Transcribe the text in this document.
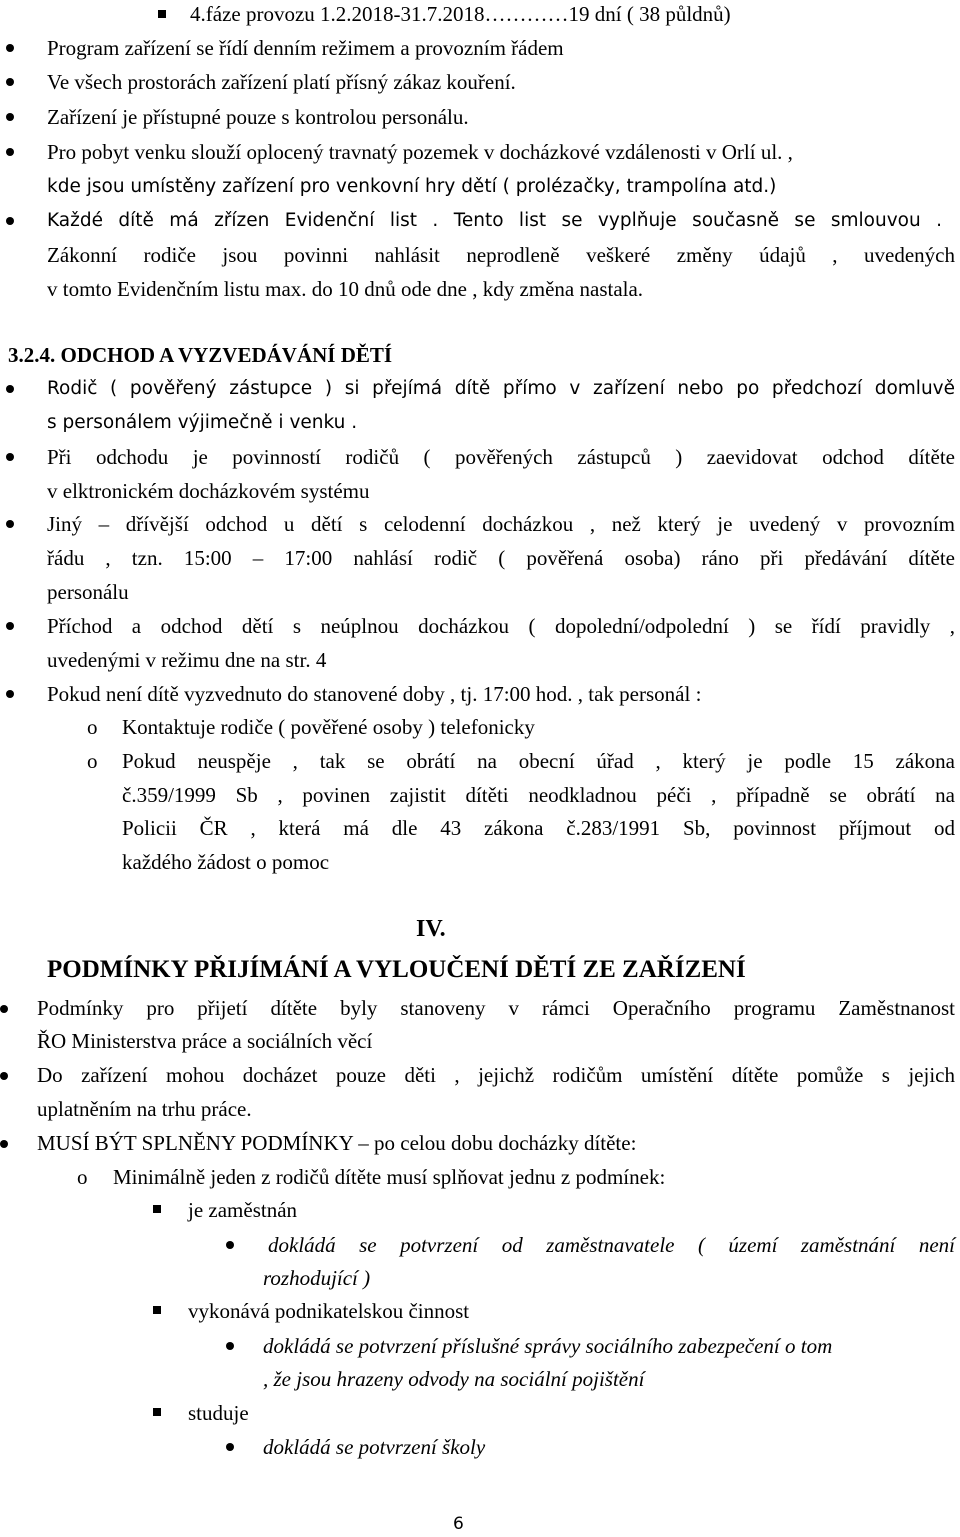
4.fáze provozu 1.2.2018-31.7.2018…………19 dní ( 38 půldnů)
Program zařízení se řídí denním režimem a provozním řádem
Ve všech prostorách zařízení platí přísný zákaz kouření.
Zařízení je přístupné pouze s kontrolou personálu.
Pro pobyt venku slouží oplocený travnatý pozemek v docházkové vzdálenosti v Orlí ul. ,
kde jsou umístěny zařízení pro venkovní hry dětí ( prolézačky, trampolína atd.)
Každé dítě má zřízen Evidenční list . Tento list se vyplňuje současně se smlouvou .
Zákonní rodiče jsou povinni nahlásit neprodleně veškeré změny údajů , uvedených
v tomto Evidenčním listu max. do 10 dnů ode dne , kdy změna nastala.
3.2.4. ODCHOD A VYZVEDÁVÁNÍ DĚTÍ
Rodič ( pověřený zástupce ) si přejímá dítě přímo v zařízení nebo po předchozí domluvě
s personálem výjimečně i venku .
Při odchodu je povinností rodičů ( pověřených zástupců ) zaevidovat odchod dítěte
v elktronickém docházkovém systému
Jiný – dřívější odchod u dětí s celodenní docházkou , než který je uvedený v provozním
řádu , tzn. 15:00 – 17:00 nahlásí rodič ( pověřená osoba) ráno při předávání dítěte
personálu
Příchod a odchod dětí s neúplnou docházkou ( dopolední/odpolední ) se řídí pravidly ,
uvedenými v režimu dne na str. 4
Pokud není dítě vyzvednuto do stanovené doby , tj. 17:00 hod. , tak personál :
o Kontaktuje rodiče ( pověřené osoby ) telefonicky
o Pokud neuspěje , tak se obrátí na obecní úřad , který je podle 15 zákona
č.359/1999 Sb , povinen zajistit dítěti neodkladnou péči , případně se obrátí na
Policii ČR , která má dle 43 zákona č.283/1991 Sb, povinnost příjmout od
každého žádost o pomoc
IV.
PODMÍNKY PŘIJÍMÁNÍ A VYLOUČENÍ DĚTÍ ZE ZAŘÍZENÍ
Podmínky pro přijetí dítěte byly stanoveny v rámci Operačního programu Zaměstnanost
ŘO Ministerstva práce a sociálních věcí
Do zařízení mohou docházet pouze děti , jejichž rodičům umístění dítěte pomůže s jejich
uplatněním na trhu práce.
MUSÍ BÝT SPLNĚNY PODMÍNKY – po celou dobu docházky dítěte:
o Minimálně jeden z rodičů dítěte musí splňovat jednu z podmínek:
je zaměstnán
dokládá se potvrzení od zaměstnavatele ( území zaměstnání není
rozhodující )
vykonává podnikatelskou činnost
dokládá se potvrzení příslušné správy sociálního zabezpečení o tom
, že jsou hrazeny odvody na sociální pojištění
studuje
dokládá se potvrzení školy
6
